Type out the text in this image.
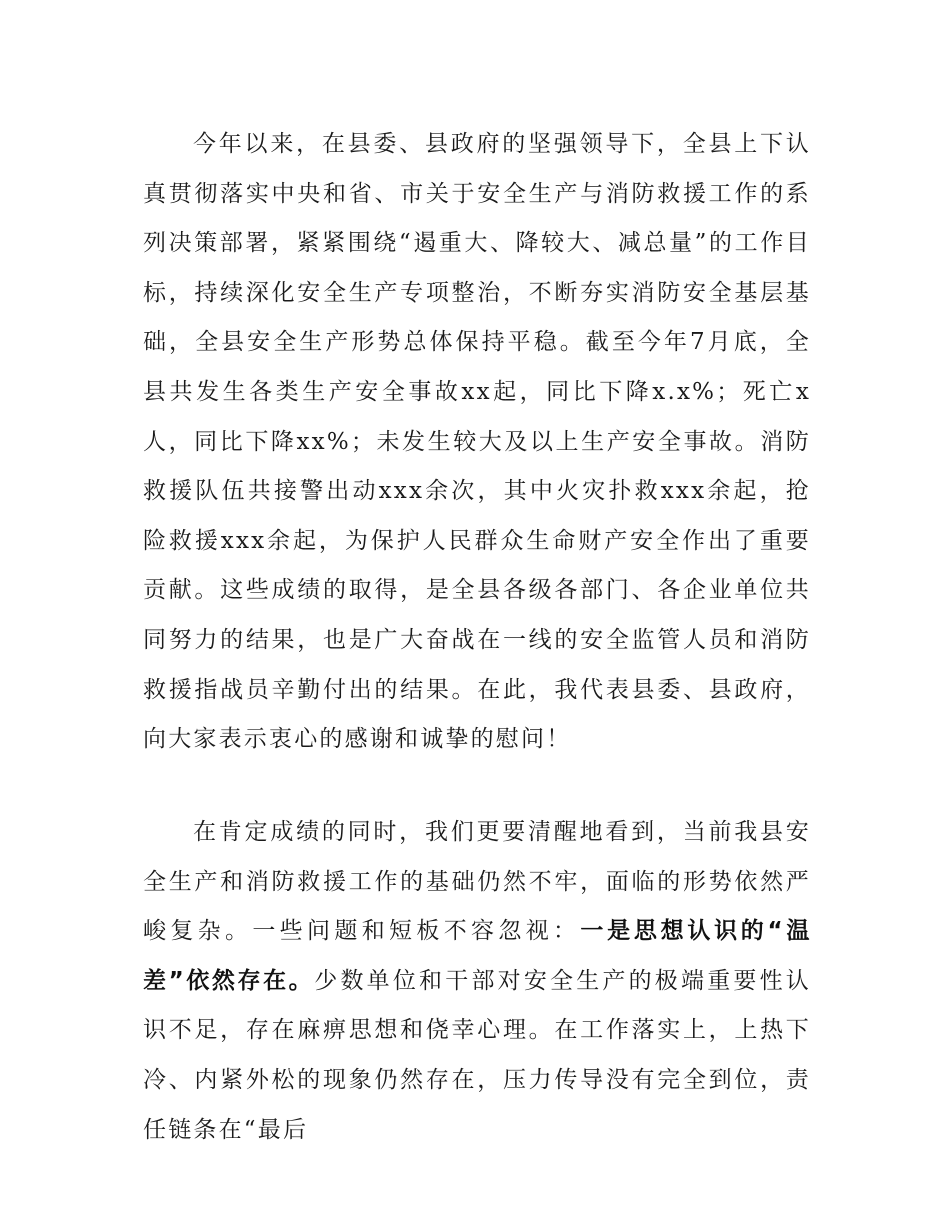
今年以来，在县委、县政府的坚强领导下，全县上下认真贯彻落实中央和省、市关于安全生产与消防救援工作的系列决策部署，紧紧围绕“遏重大、降较大、减总量”的工作目标，持续深化安全生产专项整治，不断夯实消防安全基层基础，全县安全生产形势总体保持平稳。截至今年7月底，全县共发生各类生产安全事故xx起，同比下降x.x%；死亡x人，同比下降xx%；未发生较大及以上生产安全事故。消防救援队伍共接警出动xxx余次，其中火灾扑救xxx余起，抢险救援xxx余起，为保护人民群众生命财产安全作出了重要贡献。这些成绩的取得，是全县各级各部门、各企业单位共同努力的结果，也是广大奋战在一线的安全监管人员和消防救援指战员辛勤付出的结果。在此，我代表县委、县政府，向大家表示衷心的感谢和诚挚的慰问！

在肯定成绩的同时，我们更要清醒地看到，当前我县安全生产和消防救援工作的基础仍然不牢，面临的形势依然严峻复杂。一些问题和短板不容忽视：一是思想认识的“温差”依然存在。少数单位和干部对安全生产的极端重要性认识不足，存在麻痹思想和侥幸心理。在工作落实上，上热下冷、内紧外松的现象仍然存在，压力传导没有完全到位，责任链条在“最后
